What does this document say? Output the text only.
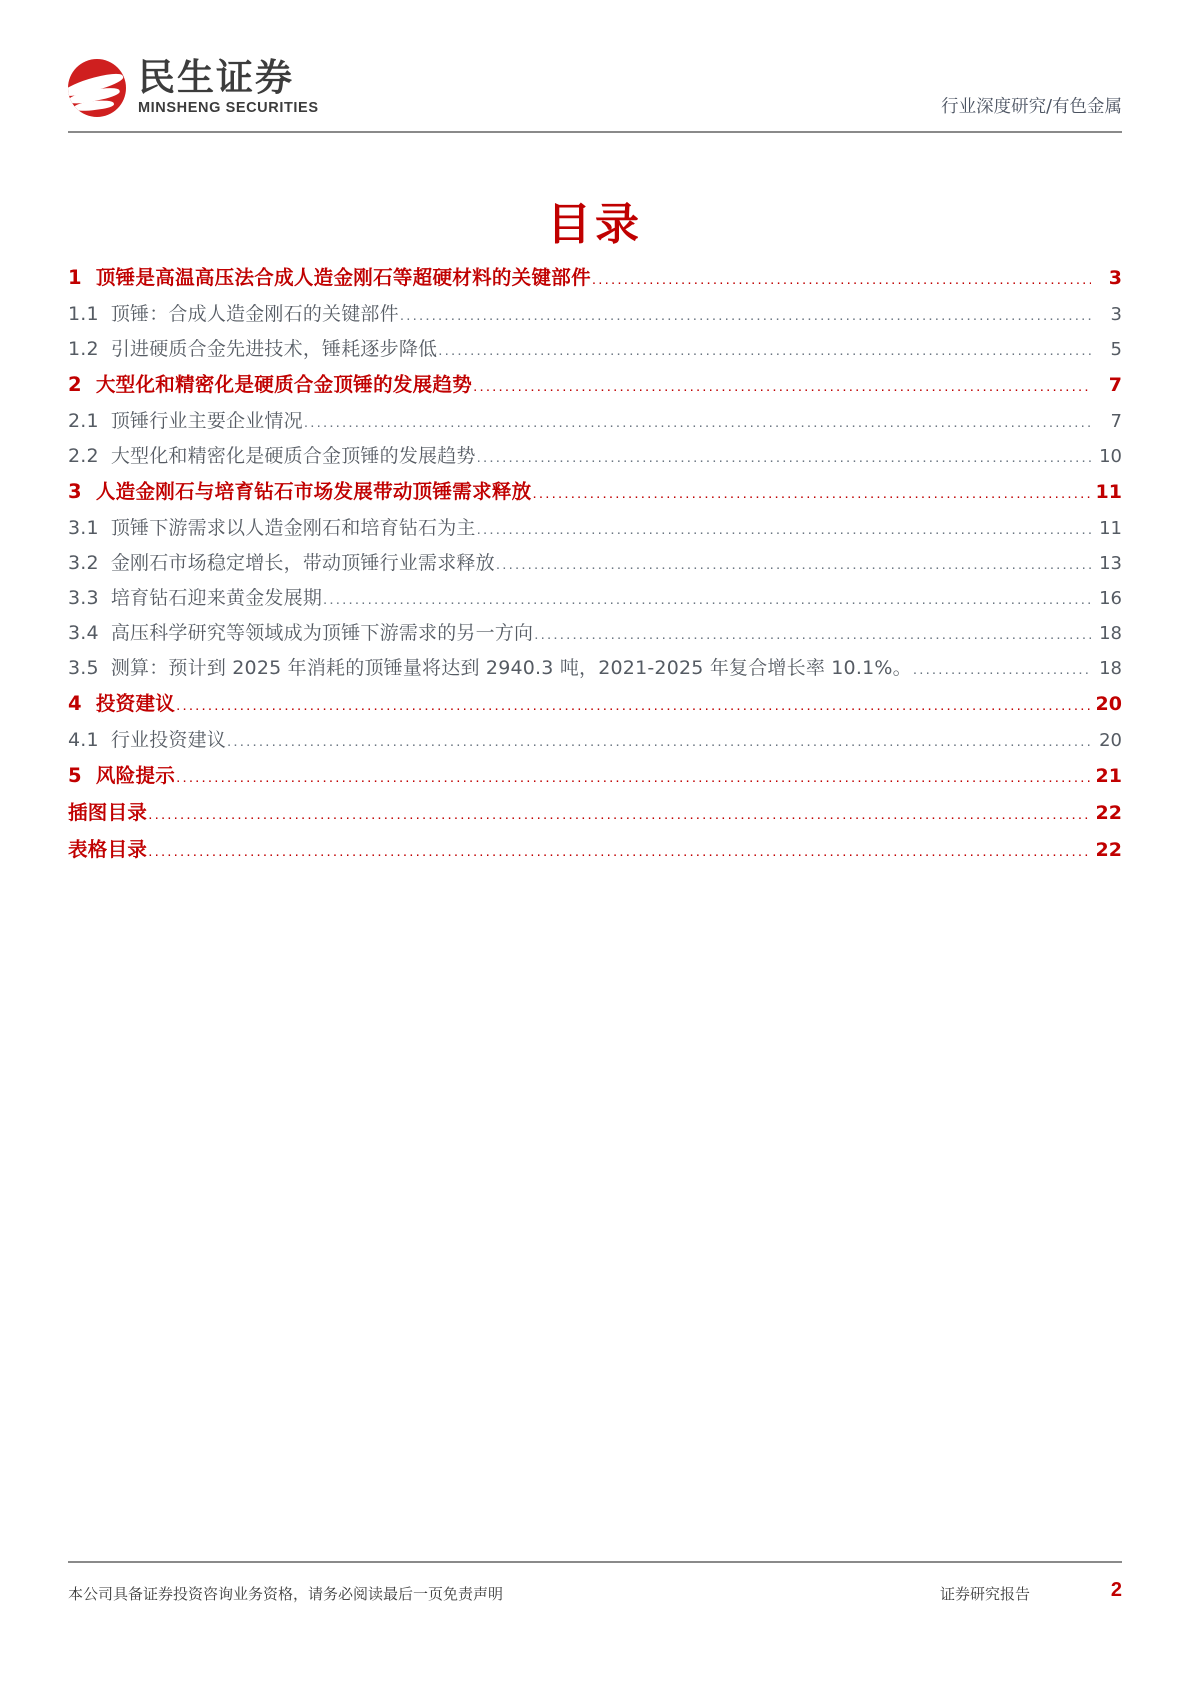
民生证券
MINSHENG SECURITIES	行业深度研究/有色金属
目录
1 顶锤是高温高压法合成人造金刚石等超硬材料的关键部件 .....	3
1.1 顶锤：合成人造金刚石的关键部件 .....	3
1.2 引进硬质合金先进技术，锤耗逐步降低 .....	5
2 大型化和精密化是硬质合金顶锤的发展趋势 .....	7
2.1 顶锤行业主要企业情况 .....	7
2.2 大型化和精密化是硬质合金顶锤的发展趋势 .....	10
3 人造金刚石与培育钻石市场发展带动顶锤需求释放 .....	11
3.1 顶锤下游需求以人造金刚石和培育钻石为主 .....	11
3.2 金刚石市场稳定增长，带动顶锤行业需求释放 .....	13
3.3 培育钻石迎来黄金发展期 .....	16
3.4 高压科学研究等领域成为顶锤下游需求的另一方向 .....	18
3.5 测算：预计到 2025 年消耗的顶锤量将达到 2940.3 吨，2021-2025 年复合增长率 10.1%。 .....	18
4 投资建议 .....	20
4.1 行业投资建议 .....	20
5 风险提示 .....	21
插图目录 .....	22
表格目录 .....	22
本公司具备证券投资咨询业务资格，请务必阅读最后一页免责声明	证券研究报告	2
